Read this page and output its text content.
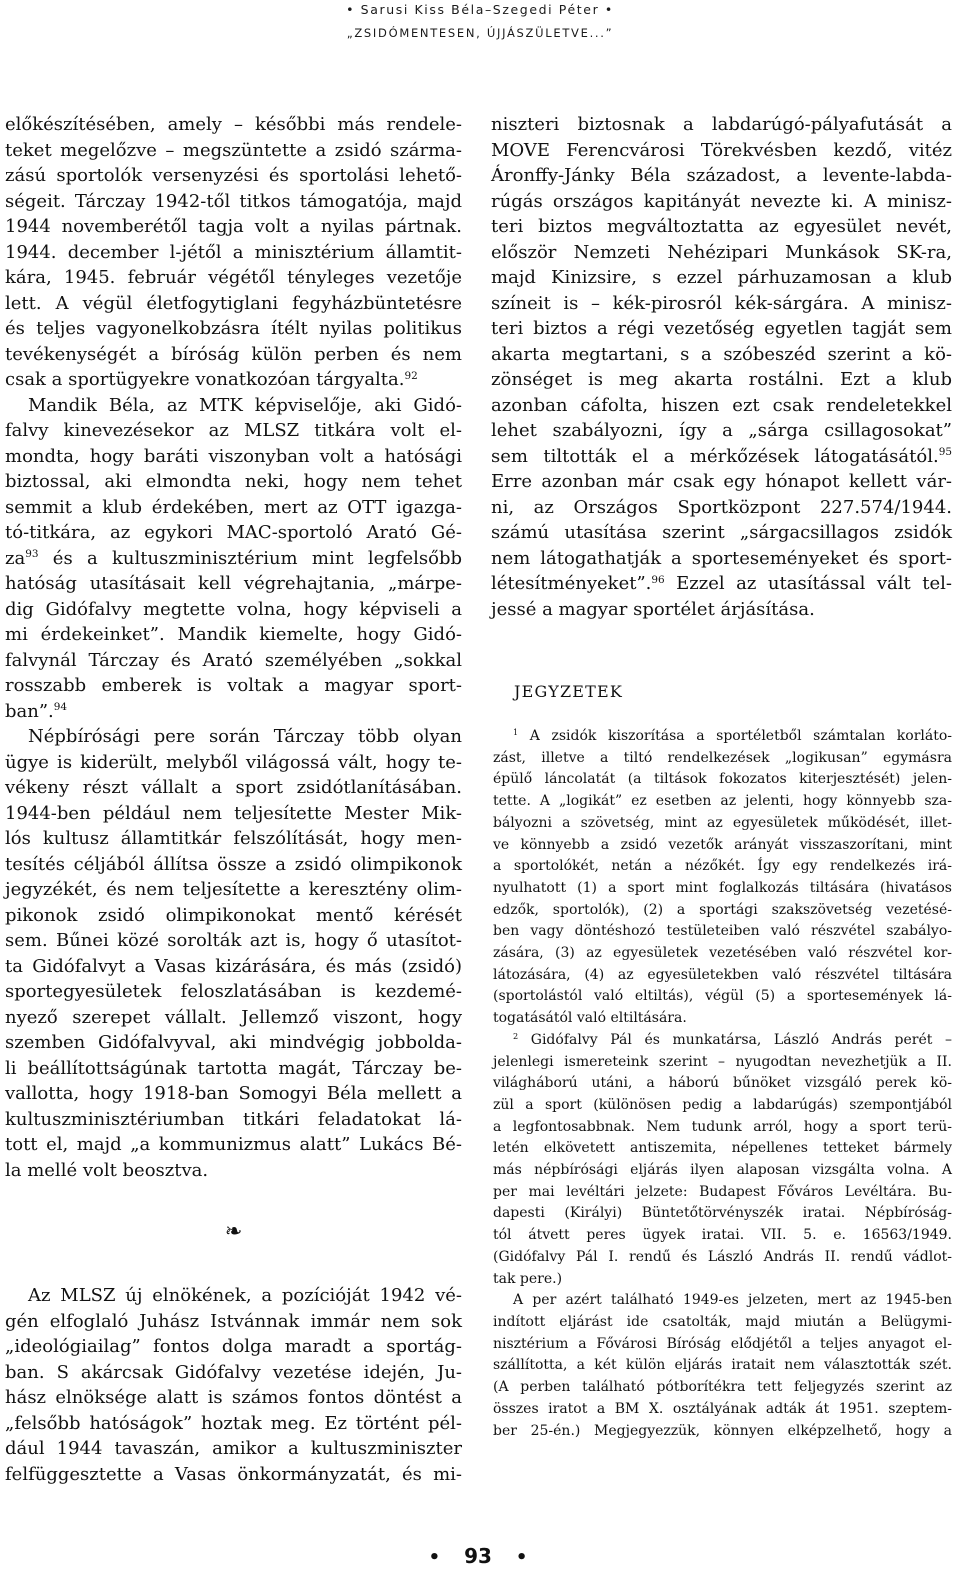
• Sarusi Kiss Béla–Szegedi Péter •
„ZSIDÓMENTESEN, ÚJJÁSZÜLETVE...”
előkészítésében, amely – későbbi más rendele-
teket megelőzve – megszüntette a zsidó szárma-
zású sportolók versenyzési és sportolási lehető-
ségeit. Tárczay 1942-től titkos támogatója, majd
1944 novemberétől tagja volt a nyilas pártnak.
1944. december l-jétől a minisztérium államtit-
kára, 1945. február végétől tényleges vezetője
lett. A végül életfogytiglani fegyházbüntetésre
és teljes vagyonelkobzásra ítélt nyilas politikus
tevékenységét a bíróság külön perben és nem
csak a sportügyekre vonatkozóan tárgyalta.$^{92}$
Mandik Béla, az MTK képviselője, aki Gidó-
falvy kinevezésekor az MLSZ titkára volt el-
mondta, hogy baráti viszonyban volt a hatósági
biztossal, aki elmondta neki, hogy nem tehet
semmit a klub érdekében, mert az OTT igazga-
tó-titkára, az egykori MAC-sportoló Arató Gé-
$za^{93}$ és a kultuszminisztérium mint legfelsőbb
hatóság utasításait kell végrehajtania, „márpe-
dig Gidófalvy megtette volna, hogy képviseli a
mi érdekeinket”. Mandik kiemelte, hogy Gidó-
falvynál Tárczay és Arató személyében „sokkal
rosszabb emberek is voltak a magyar sport-
ban”.$^{94}$
Népbírósági pere során Tárczay több olyan
ügye is kiderült, melyből világossá vált, hogy te-
vékeny részt vállalt a sport zsidótlanításában.
1944-ben például nem teljesítette Mester Mik-
lós kultusz államtitkár felszólítását, hogy men-
tesítés céljából állítsa össze a zsidó olimpikonok
jegyzékét, és nem teljesítette a keresztény olim-
pikonok zsidó olimpikonokat mentő kérését
sem. Bűnei közé sorolták azt is, hogy ő utasítot-
ta Gidófalvyt a Vasas kizárására, és más (zsidó)
sportegyesületek feloszlatásában is kezdemé-
nyező szerepet vállalt. Jellemző viszont, hogy
szemben Gidófalvyval, aki mindvégig jobbolda-
li beállítottságúnak tartotta magát, Tárczay be-
vallotta, hogy 1918-ban Somogyi Béla mellett a
kultuszminisztériumban titkári feladatokat lá-
tott el, majd „a kommunizmus alatt” Lukács Bé-
la mellé volt beosztva.
❧
Az MLSZ új elnökének, a pozícióját 1942 vé-
gén elfoglaló Juhász Istvánnak immár nem sok
„ideológiailag” fontos dolga maradt a sportág-
ban. S akárcsak Gidófalvy vezetése idején, Ju-
hász elnöksége alatt is számos fontos döntést a
„felsőbb hatóságok” hoztak meg. Ez történt pél-
dául 1944 tavaszán, amikor a kultuszminiszter
felfüggesztette a Vasas önkormányzatát, és mi-
niszteri biztosnak a labdarúgó-pályafutását a
MOVE Ferencvárosi Törekvésben kezdő, vitéz
Áronffy-Jánky Béla századost, a levente-labda-
rúgás országos kapitányát nevezte ki. A minisz-
teri biztos megváltoztatta az egyesület nevét,
először Nemzeti Nehézipari Munkások SK-ra,
majd Kinizsire, s ezzel párhuzamosan a klub
színeit is – kék-pirosról kék-sárgára. A minisz-
teri biztos a régi vezetőség egyetlen tagját sem
akarta megtartani, s a szóbeszéd szerint a kö-
zönséget is meg akarta rostálni. Ezt a klub
azonban cáfolta, hiszen ezt csak rendeletekkel
lehet szabályozni, így a „sárga csillagosokat”
sem tiltották el a mérkőzések látogatásától.$^{95}$
Erre azonban már csak egy hónapot kellett vár-
ni, az Országos Sportközpont 227.574/1944.
számú utasítása szerint „sárgacsillagos zsidók
nem látogathatják a sporteseményeket és sport-
létesítményeket”.$^{96}$ Ezzel az utasítással vált tel-
jessé a magyar sportélet árjásítása.
JEGYZETEK
$^1$ A zsidók kiszorítása a sportéletből számtalan korláto-
zást, illetve a tiltó rendelkezések „logikusan” egymásra
épülő láncolatát (a tiltások fokozatos kiterjesztését) jelen-
tette. A „logikát” ez esetben az jelenti, hogy könnyebb sza-
bályozni a szövetség, mint az egyesületek működését, illet-
ve könnyebb a zsidó vezetők arányát visszaszorítani, mint
a sportolókét, netán a nézőkét. Így egy rendelkezés irá-
nyulhatott (1) a sport mint foglalkozás tiltására (hivatásos
edzők, sportolók), (2) a sportági szakszövetség vezetésé-
ben vagy döntéshozó testületeiben való részvétel szabályo-
zására, (3) az egyesületek vezetésében való részvétel kor-
látozására, (4) az egyesületekben való részvétel tiltására
(sportolástól való eltiltás), végül (5) a sportesemények lá-
togatásától való eltiltására.
$^2$ Gidófalvy Pál és munkatársa, László András perét –
jelenlegi ismereteink szerint – nyugodtan nevezhetjük a II.
világháború utáni, a háború bűnöket vizsgáló perek kö-
zül a sport (különösen pedig a labdarúgás) szempontjából
a legfontosabbnak. Nem tudunk arról, hogy a sport terü-
letén elkövetett antiszemita, népellenes tetteket bármely
más népbírósági eljárás ilyen alaposan vizsgálta volna. A
per mai levéltári jelzete: Budapest Főváros Levéltára. Bu-
dapesti (Királyi) Büntetőtörvényszék iratai. Népbíróság-
tól átvett peres ügyek iratai. VII. 5. e. 16563/1949.
(Gidófalvy Pál I. rendű és László András II. rendű vádlot-
tak pere.)
A per azért található 1949-es jelzeten, mert az 1945-ben
indított eljárást ide csatolták, majd miután a Belügymi-
nisztérium a Fővárosi Bíróság elődjétől a teljes anyagot el-
szállította, a két külön eljárás iratait nem választották szét.
(A perben található pótborítékra tett feljegyzés szerint az
összes iratot a BM X. osztályának adták át 1951. szeptem-
ber 25-én.) Megjegyezzük, könnyen elképzelhető, hogy a
• 93 •
